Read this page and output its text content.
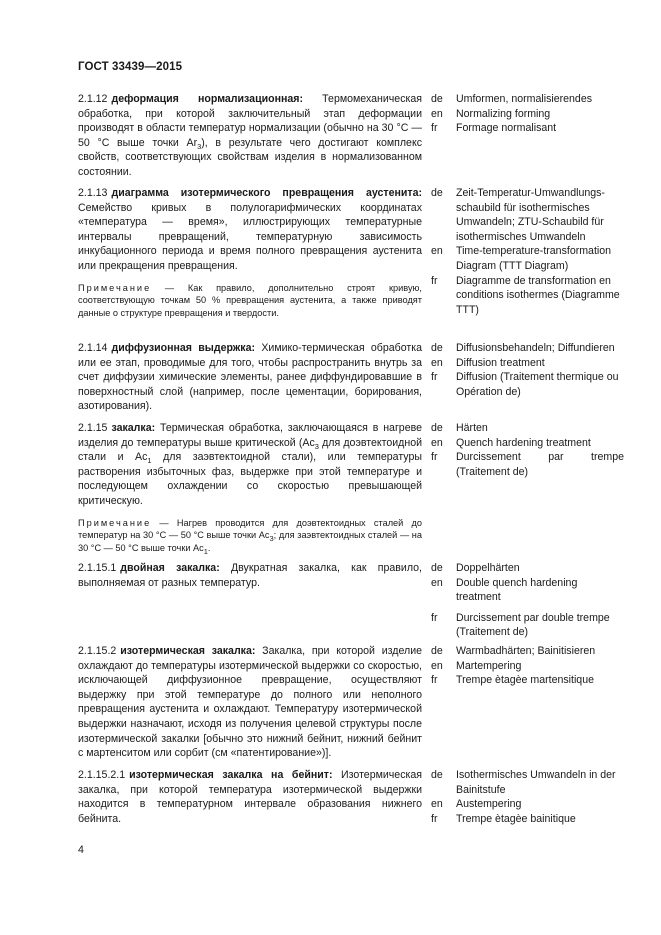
ГОСТ 33439—2015

2.1.12 деформация нормализационная: Термомеханическая обработка, при которой заключительный этап деформации производят в области температур нормализации (обычно на 30 °С — 50 °С выше точки $Ar_3$), в результате чего достигают комплекс свойств, соответствующих свойствам изделия в нормализованном состоянии.

de	Umformen, normalisierendes
en	Normalizing forming
fr	Formage normalisant

2.1.13 диаграмма изотермического превращения аустенита: Семейство кривых в полулогарифмических координатах «температура — время», иллюстрирующих температурные интервалы превращений, температурную зависимость инкубационного периода и время полного превращения аустенита или прекращения превращения.

Примечание — Как правило, дополнительно строят кривую, соответствующую точкам 50 % превращения аустенита, а также приводят данные о структуре превращения и твердости.

de	Zeit-Temperatur-Umwandlungs-schaubild für isothermisches Umwandeln; ZTU-Schaubild für isothermisches Umwandeln
en	Time-temperature-transformation Diagram (TTT Diagram)
fr	Diagramme de transformation en conditions isothermes (Diagramme TTT)

2.1.14 диффузионная выдержка: Химико-термическая обработка или ее этап, проводимые для того, чтобы распространить внутрь за счет диффузии химические элементы, ранее диффундировавшие в поверхностный слой (например, после цементации, борирования, азотирования).

de	Diffusionsbehandeln; Diffundieren
en	Diffusion treatment
fr	Diffusion (Traitement thermique ou Opération de)

2.1.15 закалка: Термическая обработка, заключающаяся в нагреве изделия до температуры выше критической ($Ac_3$ для доэвтектоидной стали и $Ac_1$ для заэвтектоидной стали), или температуры растворения избыточных фаз, выдержке при этой температуре и последующем охлаждении со скоростью превышающей критическую.

Примечание — Нагрев проводится для доэвтектоидных сталей до температур на 30 °С — 50 °С выше точки $Ac_3$; для заэвтектоидных сталей — на 30 °С — 50 °С выше точки $Ac_1$.

de	Härten
en	Quench hardening treatment
fr	Durcissement par trempe (Traitement de)

2.1.15.1 двойная закалка: Двукратная закалка, как правило, выполняемая от разных температур.

de	Doppelhärten
en	Double quench hardening treatment
fr	Durcissement par double trempe (Traitement de)

2.1.15.2 изотермическая закалка: Закалка, при которой изделие охлаждают до температуры изотермической выдержки со скоростью, исключающей диффузионное превращение, осуществляют выдержку при этой температуре до полного или неполного превращения аустенита и охлаждают. Температуру изотермической выдержки назначают, исходя из получения целевой структуры после изотермической закалки [обычно это нижний бейнит, нижний бейнит с мартенситом или сорбит (см «патентирование»)].

de	Warmbadhärten; Bainitisieren
en	Martempering
fr	Trempe ètagèe martensitique

2.1.15.2.1 изотермическая закалка на бейнит: Изотермическая закалка, при которой температура изотермической выдержки находится в температурном интервале образования нижнего бейнита.

de	Isothermisches Umwandeln in der Bainitstufe
en	Austempering
fr	Trempe ètagèe bainitique
4
